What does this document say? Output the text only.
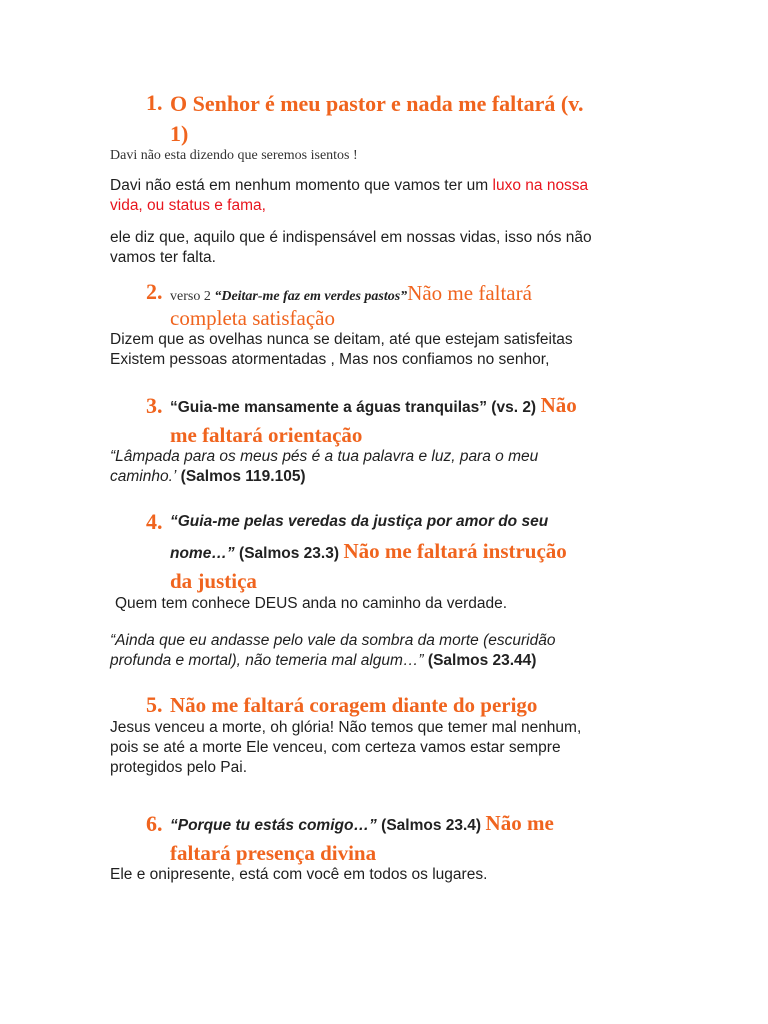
1. O Senhor é meu pastor e nada me faltará (v.
1)
Davi não esta dizendo que seremos isentos !
Davi não está em nenhum momento que vamos ter um luxo na nossa
vida, ou status e fama,
ele diz que, aquilo que é indispensável em nossas vidas, isso nós não
vamos ter falta.
2. verso 2 “Deitar-me faz em verdes pastos”Não me faltará
completa satisfação
Dizem que as ovelhas nunca se deitam, até que estejam satisfeitas
Existem pessoas atormentadas , Mas nos confiamos no senhor,
3. “Guia-me mansamente a águas tranquilas” (vs. 2) Não
me faltará orientação
“Lâmpada para os meus pés é a tua palavra e luz, para o meu
caminho.’ (Salmos 119.105)
4. “Guia-me pelas veredas da justiça por amor do seu
nome…” (Salmos 23.3) Não me faltará instrução
da justiça
Quem tem conhece DEUS anda no caminho da verdade.
“Ainda que eu andasse pelo vale da sombra da morte (escuridão
profunda e mortal), não temeria mal algum…” (Salmos 23.44)
5. Não me faltará coragem diante do perigo
Jesus venceu a morte, oh glória! Não temos que temer mal nenhum,
pois se até a morte Ele venceu, com certeza vamos estar sempre
protegidos pelo Pai.
6. “Porque tu estás comigo…” (Salmos 23.4) Não me
faltará presença divina
Ele e onipresente, está com você em todos os lugares.
